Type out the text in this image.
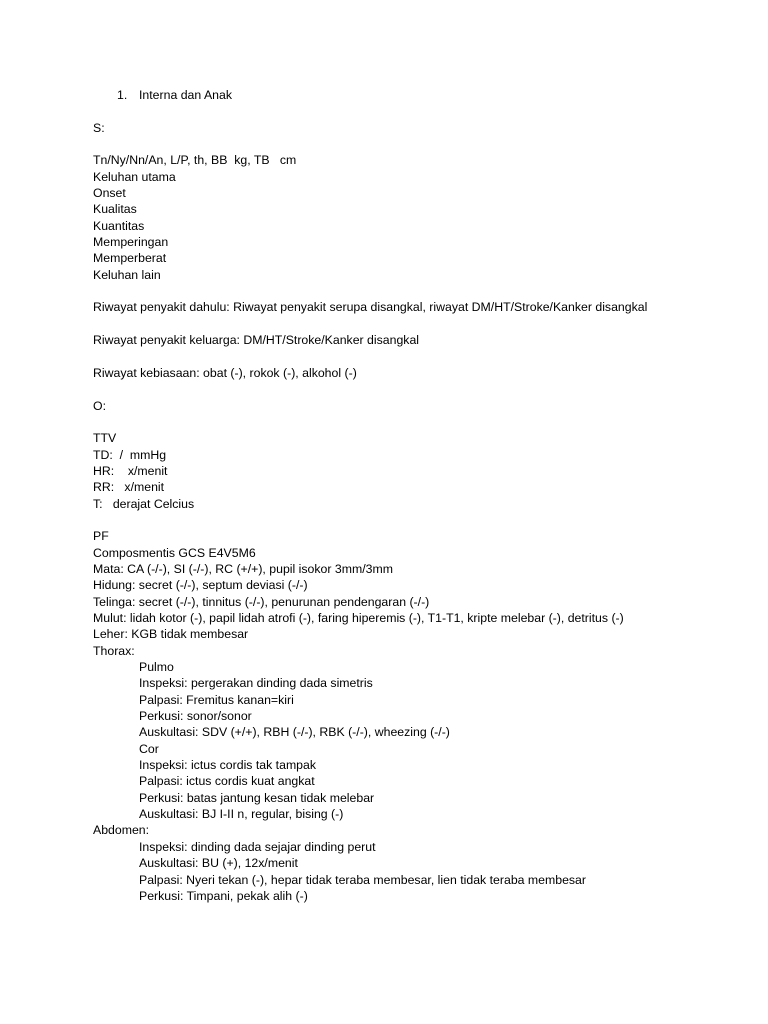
1. Interna dan Anak
S:
Tn/Ny/Nn/An, L/P, th, BB  kg, TB   cm
Keluhan utama
Onset
Kualitas
Kuantitas
Memperingan
Memperberat
Keluhan lain
Riwayat penyakit dahulu: Riwayat penyakit serupa disangkal, riwayat DM/HT/Stroke/Kanker disangkal
Riwayat penyakit keluarga: DM/HT/Stroke/Kanker disangkal
Riwayat kebiasaan: obat (-), rokok (-), alkohol (-)
O:
TTV
TD:  /  mmHg
HR:    x/menit
RR:   x/menit
T:   derajat Celcius
PF
Composmentis GCS E4V5M6
Mata: CA (-/-), SI (-/-), RC (+/+), pupil isokor 3mm/3mm
Hidung: secret (-/-), septum deviasi (-/-)
Telinga: secret (-/-), tinnitus (-/-), penurunan pendengaran (-/-)
Mulut: lidah kotor (-), papil lidah atrofi (-), faring hiperemis (-), T1-T1, kripte melebar (-), detritus (-)
Leher: KGB tidak membesar
Thorax:
Pulmo
Inspeksi: pergerakan dinding dada simetris
Palpasi: Fremitus kanan=kiri
Perkusi: sonor/sonor
Auskultasi: SDV (+/+), RBH (-/-), RBK (-/-), wheezing (-/-)
Cor
Inspeksi: ictus cordis tak tampak
Palpasi: ictus cordis kuat angkat
Perkusi: batas jantung kesan tidak melebar
Auskultasi: BJ I-II n, regular, bising (-)
Abdomen:
Inspeksi: dinding dada sejajar dinding perut
Auskultasi: BU (+), 12x/menit
Palpasi: Nyeri tekan (-), hepar tidak teraba membesar, lien tidak teraba membesar
Perkusi: Timpani, pekak alih (-)
